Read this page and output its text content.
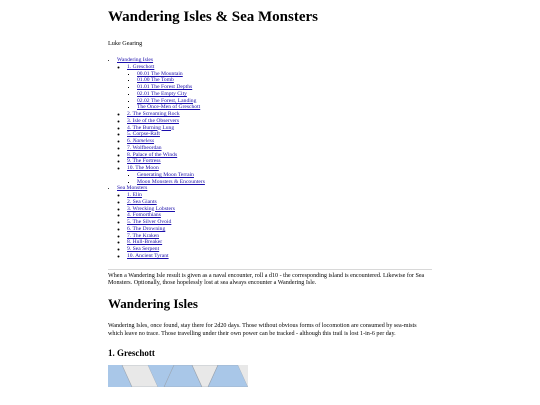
Wandering Isles & Sea Monsters
Luke Gearing
• Wandering Isles
◦ 1. Greschott
▪ 00.01 The Mountain
▪ 01.00 The Tomb
▪ 01.01 The Forest Depths
▪ 02.01 The Empty City
▪ 02.02 The Forest, Landing
▪ The Once-Men of Greschott
◦ 2. The Screaming Rock
◦ 3. Isle of the Observers
◦ 4. The Burning Lung
◦ 5. Corpse-Raft
◦ 6. Nameless
◦ 7. Wolfbeordan
◦ 8. Palace of the Winds
◦ 9. The Fortress
◦ 10. The Moon
▪ Generating Moon Terrain
▪ Moon Monsters & Encounters
• Sea Monsters
◦ 1. Elin
◦ 2. Sea Giants
◦ 3. Wrecking Lobsters
◦ 4. Fomorthians
◦ 5. The Silver Ovoid
◦ 6. The Drowning
◦ 7. The Kraken
◦ 8. Hull-Breaker
◦ 9. Sea Serpent
◦ 10. Ancient Tyrant

When a Wandering Isle result is given as a naval encounter, roll a d10 - the corresponding island is encountered. Likewise for Sea Monsters. Optionally, those hopelessly lost at sea always encounter a Wandering Isle.

Wandering Isles

Wandering Isles, once found, stay there for 2d20 days. Those without obvious forms of locomotion are consumed by sea-mists which leave no trace. Those travelling under their own power can be tracked - although this trail is lost 1-in-6 per day.

1. Greschott
